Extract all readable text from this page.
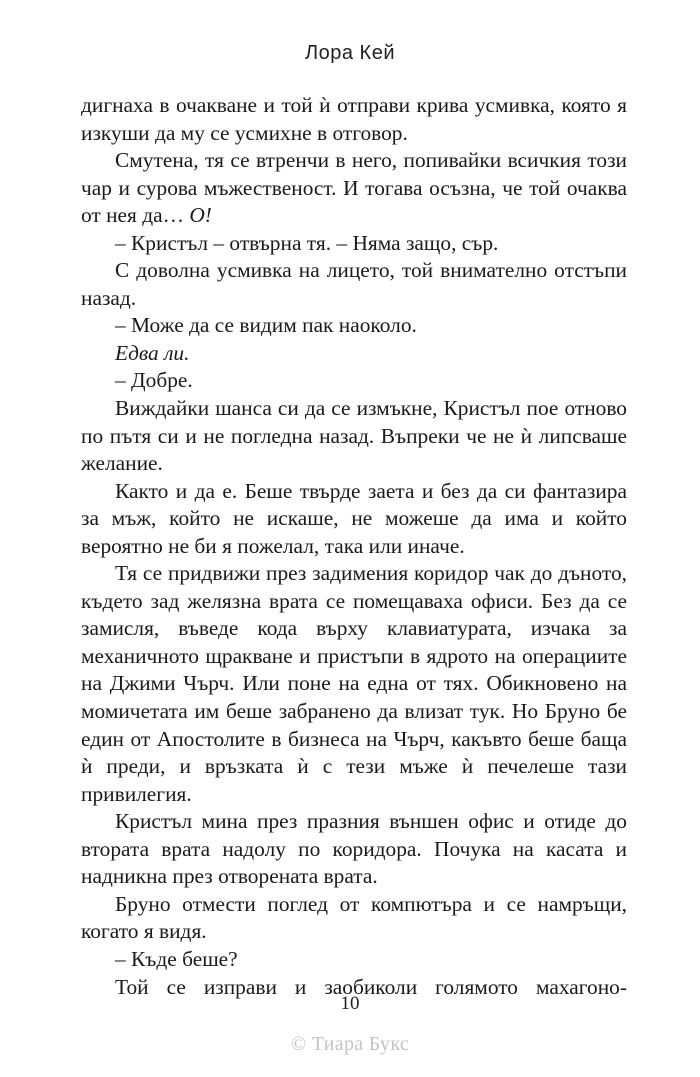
Лора Кей

дигнаха в очакване и той ѝ отправи крива усмивка, която я изкуши да му се усмихне в отговор.

Смутена, тя се втренчи в него, попивайки всичкия този чар и сурова мъжественост. И тогава осъзна, че той очаква от нея да… О!

– Кристъл – отвърна тя. – Няма защо, сър.

С доволна усмивка на лицето, той внимателно отстъпи назад.

– Може да се видим пак наоколо.

Едва ли.

– Добре.

Виждайки шанса си да се измъкне, Кристъл пое отново по пътя си и не погледна назад. Въпреки че не ѝ липсваше желание.

Както и да е. Беше твърде заета и без да си фантазира за мъж, който не искаше, не можеше да има и който вероятно не би я пожелал, така или иначе.

Тя се придвижи през задимения коридор чак до дъното, където зад желязна врата се помещаваха офиси. Без да се замисля, въведе кода върху клавиатурата, изчака за механичното щракване и пристъпи в ядрото на операциите на Джими Чърч. Или поне на една от тях. Обикновено на момичетата им беше забранено да влизат тук. Но Бруно бе един от Апостолите в бизнеса на Чърч, какъвто беше баща ѝ преди, и връзката ѝ с тези мъже ѝ печелеше тази привилегия.

Кристъл мина през празния външен офис и отиде до втората врата надолу по коридора. Почука на касата и надникна през отворената врата.

Бруно отмести поглед от компютъра и се намръщи, когато я видя.

– Къде беше?

Той се изправи и заобиколи голямото махагоно-

10
© Тиара Букс
